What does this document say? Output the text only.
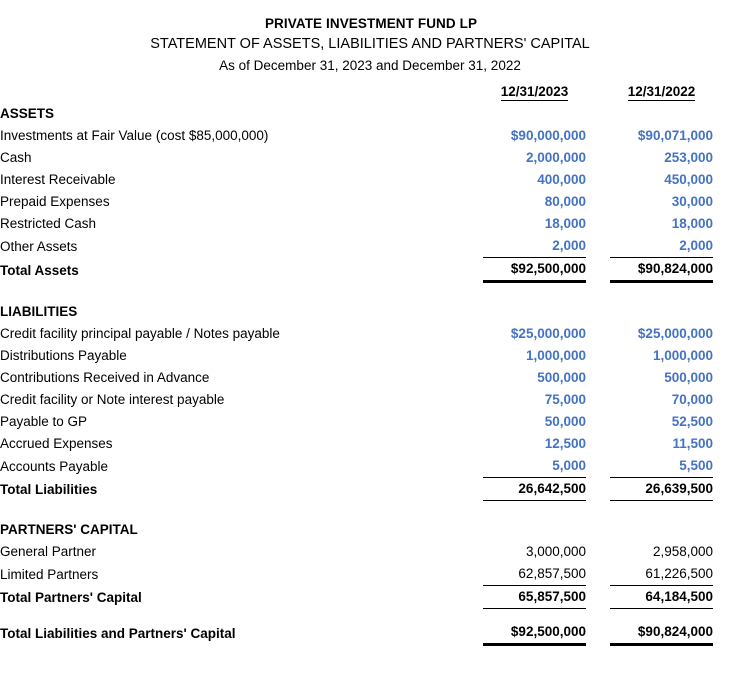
PRIVATE INVESTMENT FUND LP
STATEMENT OF ASSETS, LIABILITIES AND PARTNERS' CAPITAL
As of December 31, 2023 and December 31, 2022
	12/31/2023		12/31/2022	
ASSETS				
Investments at Fair Value (cost $85,000,000)	$90,000,000		$90,071,000	
Cash	2,000,000		253,000	
Interest Receivable	400,000		450,000	
Prepaid Expenses	80,000		30,000	
Restricted Cash	18,000		18,000	
Other Assets	2,000		2,000	
Total Assets	$92,500,000		$90,824,000	

LIABILITIES				
Credit facility principal payable / Notes payable	$25,000,000		$25,000,000	
Distributions Payable	1,000,000		1,000,000	
Contributions Received in Advance	500,000		500,000	
Credit facility or Note interest payable	75,000		70,000	
Payable to GP	50,000		52,500	
Accrued Expenses	12,500		11,500	
Accounts Payable	5,000		5,500	
Total Liabilities	26,642,500		26,639,500	

PARTNERS' CAPITAL				
General Partner	3,000,000		2,958,000	
Limited Partners	62,857,500		61,226,500	
Total Partners' Capital	65,857,500		64,184,500	

Total Liabilities and Partners' Capital	$92,500,000		$90,824,000	
